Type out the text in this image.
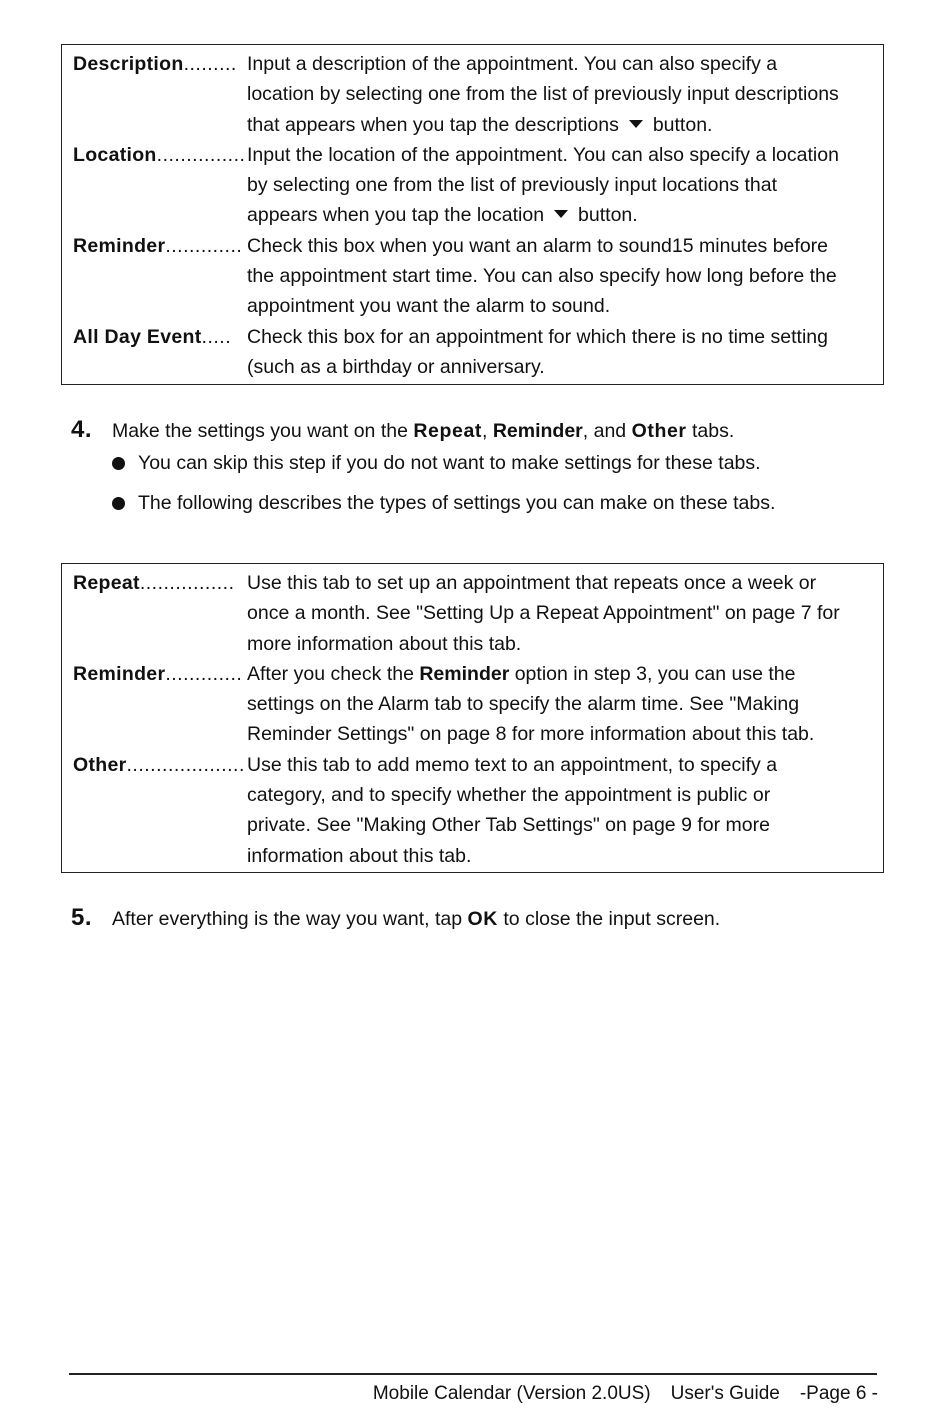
Description......... Input a description of the appointment. You can also specify a
location by selecting one from the list of previously input descriptions
that appears when you tap the descriptions button.
Location............... Input the location of the appointment. You can also specify a location
by selecting one from the list of previously input locations that
appears when you tap the location button.
Reminder............. Check this box when you want an alarm to sound15 minutes before
the appointment start time. You can also specify how long before the
appointment you want the alarm to sound.
All Day Event..... Check this box for an appointment for which there is no time setting
(such as a birthday or anniversary.
4.	Make the settings you want on the Repeat, Reminder, and Other tabs.
You can skip this step if you do not want to make settings for these tabs.
The following describes the types of settings you can make on these tabs.
Repeat................ Use this tab to set up an appointment that repeats once a week or
once a month. See "Setting Up a Repeat Appointment" on page 7 for
more information about this tab.
Reminder............. After you check the Reminder option in step 3, you can use the
settings on the Alarm tab to specify the alarm time. See "Making
Reminder Settings" on page 8 for more information about this tab.
Other.................... Use this tab to add memo text to an appointment, to specify a
category, and to specify whether the appointment is public or
private. See "Making Other Tab Settings" on page 9 for more
information about this tab.
5.	After everything is the way you want, tap OK to close the input screen.
Mobile Calendar (Version 2.0US) User's Guide -Page 6 -
